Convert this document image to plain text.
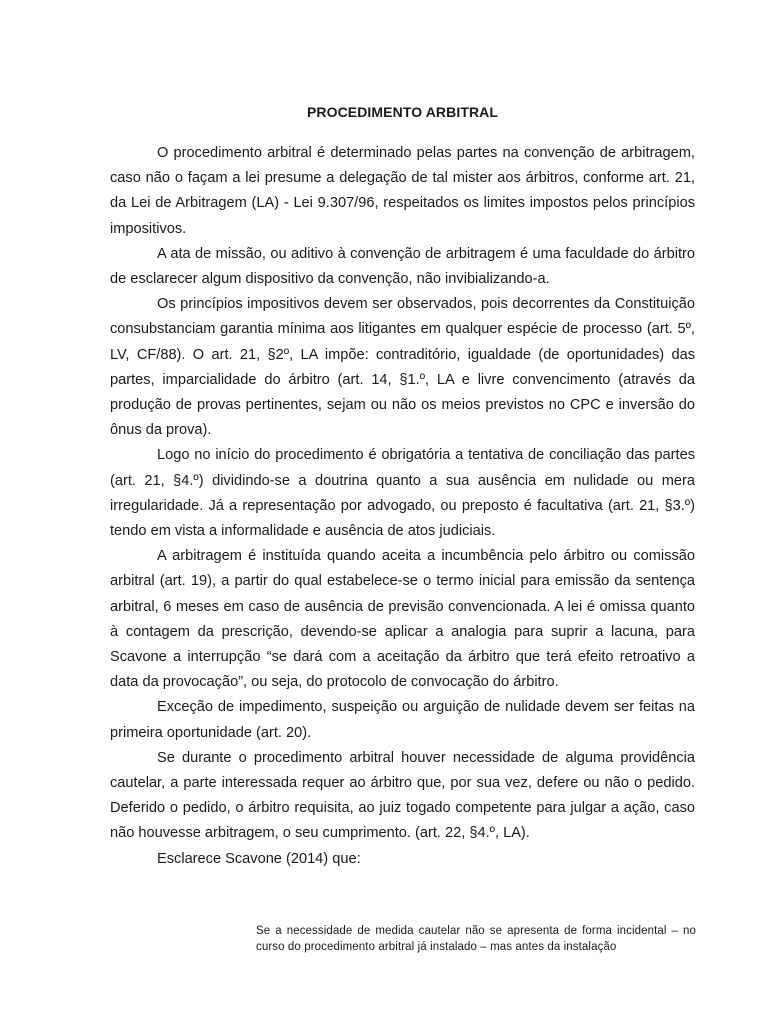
PROCEDIMENTO ARBITRAL

O procedimento arbitral é determinado pelas partes na convenção de arbitragem, caso não o façam a lei presume a delegação de tal mister aos árbitros, conforme art. 21, da Lei de Arbitragem (LA) - Lei 9.307/96, respeitados os limites impostos pelos princípios impositivos.

A ata de missão, ou aditivo à convenção de arbitragem é uma faculdade do árbitro de esclarecer algum dispositivo da convenção, não invibializando-a.

Os princípios impositivos devem ser observados, pois decorrentes da Constituição consubstanciam garantia mínima aos litigantes em qualquer espécie de processo (art. 5º, LV, CF/88). O art. 21, §2º, LA impõe: contraditório, igualdade (de oportunidades) das partes, imparcialidade do árbitro (art. 14, §1.º, LA e livre convencimento (através da produção de provas pertinentes, sejam ou não os meios previstos no CPC e inversão do ônus da prova).

Logo no início do procedimento é obrigatória a tentativa de conciliação das partes (art. 21, §4.º) dividindo-se a doutrina quanto a sua ausência em nulidade ou mera irregularidade. Já a representação por advogado, ou preposto é facultativa (art. 21, §3.º) tendo em vista a informalidade e ausência de atos judiciais.

A arbitragem é instituída quando aceita a incumbência pelo árbitro ou comissão arbitral (art. 19), a partir do qual estabelece-se o termo inicial para emissão da sentença arbitral, 6 meses em caso de ausência de previsão convencionada. A lei é omissa quanto à contagem da prescrição, devendo-se aplicar a analogia para suprir a lacuna, para Scavone a interrupção “se dará com a aceitação da árbitro que terá efeito retroativo a data da provocação”, ou seja, do protocolo de convocação do árbitro.

Exceção de impedimento, suspeição ou arguição de nulidade devem ser feitas na primeira oportunidade (art. 20).

Se durante o procedimento arbitral houver necessidade de alguma providência cautelar, a parte interessada requer ao árbitro que, por sua vez, defere ou não o pedido. Deferido o pedido, o árbitro requisita, ao juiz togado competente para julgar a ação, caso não houvesse arbitragem, o seu cumprimento. (art. 22, §4.º, LA).

Esclarece Scavone (2014) que:

Se a necessidade de medida cautelar não se apresenta de forma incidental – no curso do procedimento arbitral já instalado – mas antes da instalação
